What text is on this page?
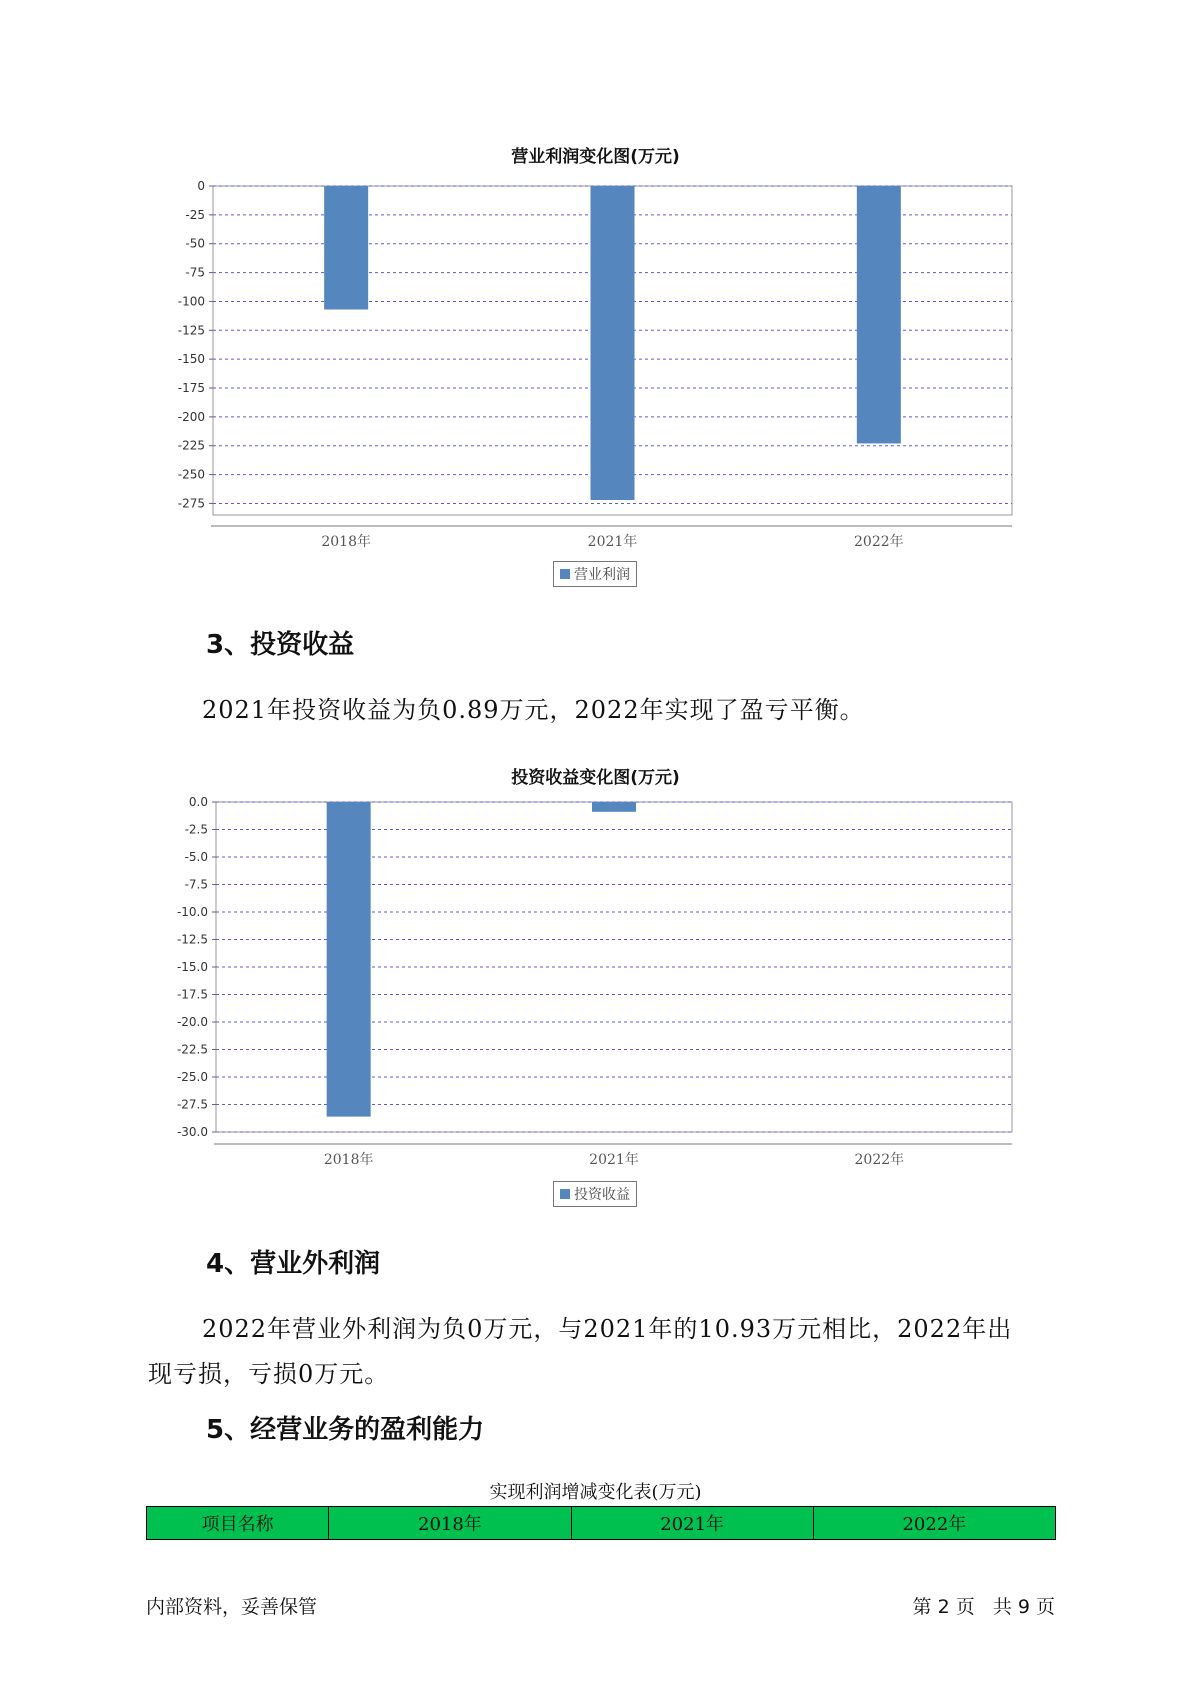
营业利润变化图(万元)
0
-25
-50
-75
-100
-125
-150
-175
-200
-225
-250
-275
2018年	2021年	2022年
营业利润
3、投资收益
2021年投资收益为负0.89万元，2022年实现了盈亏平衡。
投资收益变化图(万元)
0.0
-2.5
-5.0
-7.5
-10.0
-12.5
-15.0
-17.5
-20.0
-22.5
-25.0
-27.5
-30.0
2018年	2021年	2022年
投资收益
4、营业外利润
2022年营业外利润为负0万元，与2021年的10.93万元相比，2022年出
现亏损，亏损0万元。
5、经营业务的盈利能力
实现利润增减变化表(万元)
项目名称	2018年	2021年	2022年
内部资料，妥善保管	第 2 页   共 9 页
